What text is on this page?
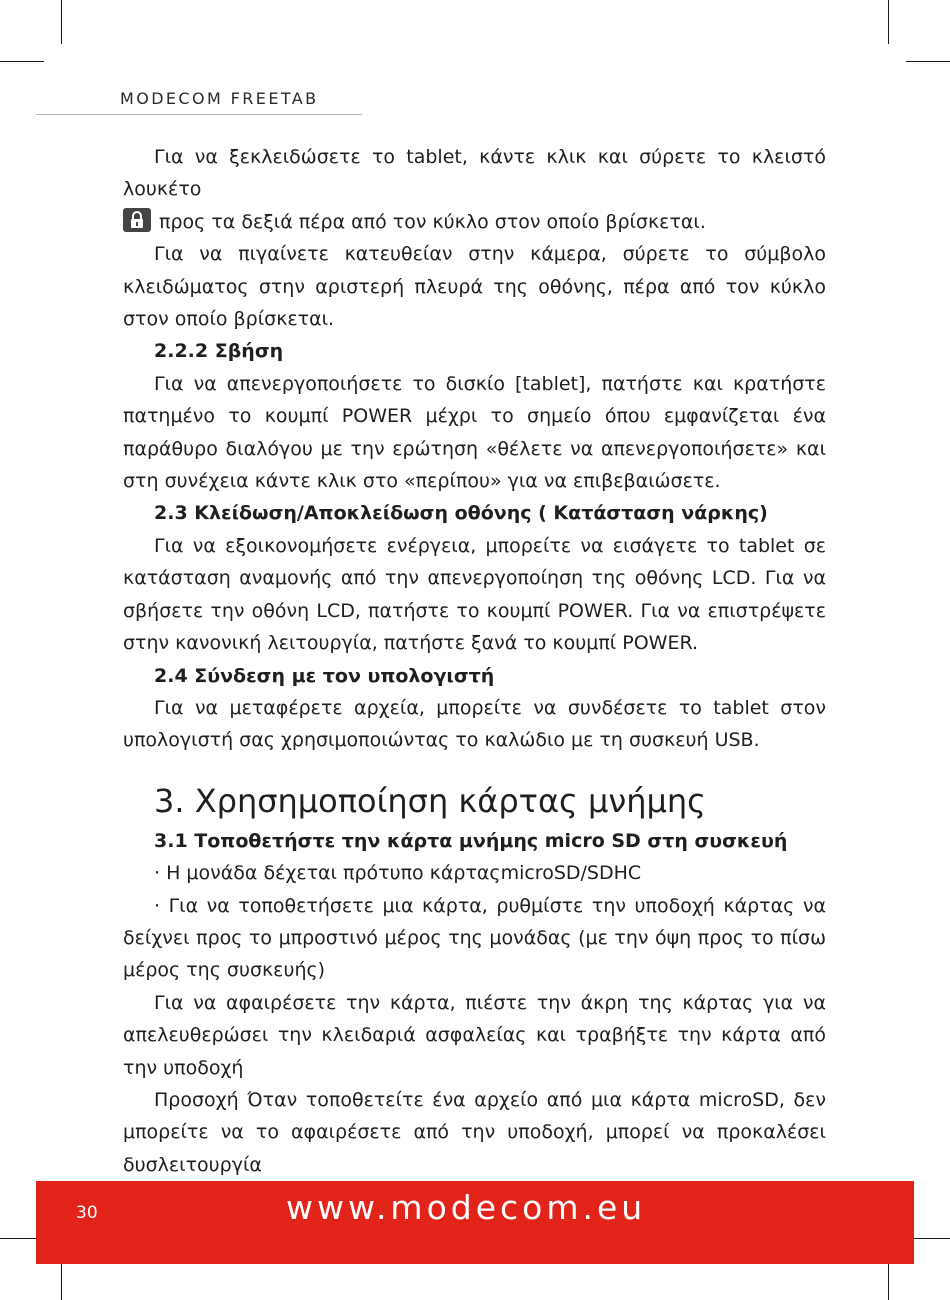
MODECOM FREETAB

Για να ξεκλειδώσετε το tablet, κάντε κλικ και σύρετε το κλειστό λουκέτο

προς τα δεξιά πέρα από τον κύκλο στον οποίο βρίσκεται.

Για να πιγαίνετε κατευθείαν στην κάμερα, σύρετε το σύμβολο κλειδώματος στην αριστερή πλευρά της οθόνης, πέρα από τον κύκλο στον οποίο βρίσκεται.

2.2.2 Σβήση

Για να απενεργοποιήσετε το δισκίο [tablet], πατήστε και κρατήστε πατημένο το κουμπί POWER μέχρι το σημείο όπου εμφανίζεται ένα παράθυρο διαλόγου με την ερώτηση «θέλετε να απενεργοποιήσετε» και στη συνέχεια κάντε κλικ στο «περίπου» για να επιβεβαιώσετε.

2.3 Κλείδωση/Αποκλείδωση οθόνης ( Κατάσταση νάρκης)

Για να εξοικονομήσετε ενέργεια, μπορείτε να εισάγετε το tablet σε κατάσταση αναμονής από την απενεργοποίηση της οθόνης LCD. Για να σβήσετε την οθόνη LCD, πατήστε το κουμπί POWER. Για να επιστρέψετε στην κανονική λειτουργία, πατήστε ξανά το κουμπί POWER.

2.4 Σύνδεση με τον υπολογιστή

Για να μεταφέρετε αρχεία, μπορείτε να συνδέσετε το tablet στον υπολογιστή σας χρησιμοποιώντας το καλώδιο με τη συσκευή USB.

3. Χρησημοποίηση κάρτας μνήμης

3.1 Τοποθετήστε την κάρτα μνήμης micro SD στη συσκευή

· Η μονάδα δέχεται πρότυπο κάρταςmicroSD/SDHC

· Για να τοποθετήσετε μια κάρτα, ρυθμίστε την υποδοχή κάρτας να δείχνει προς το μπροστινό μέρος της μονάδας (με την όψη προς το πίσω μέρος της συσκευής)

Για να αφαιρέσετε την κάρτα, πιέστε την άκρη της κάρτας για να απελευθερώσει την κλειδαριά ασφαλείας και τραβήξτε την κάρτα από την υποδοχή

Προσοχή Όταν τοποθετείτε ένα αρχείο από μια κάρτα microSD, δεν μπορείτε να το αφαιρέσετε από την υποδοχή, μπορεί να προκαλέσει δυσλειτουργία

30	www.modecom.eu
